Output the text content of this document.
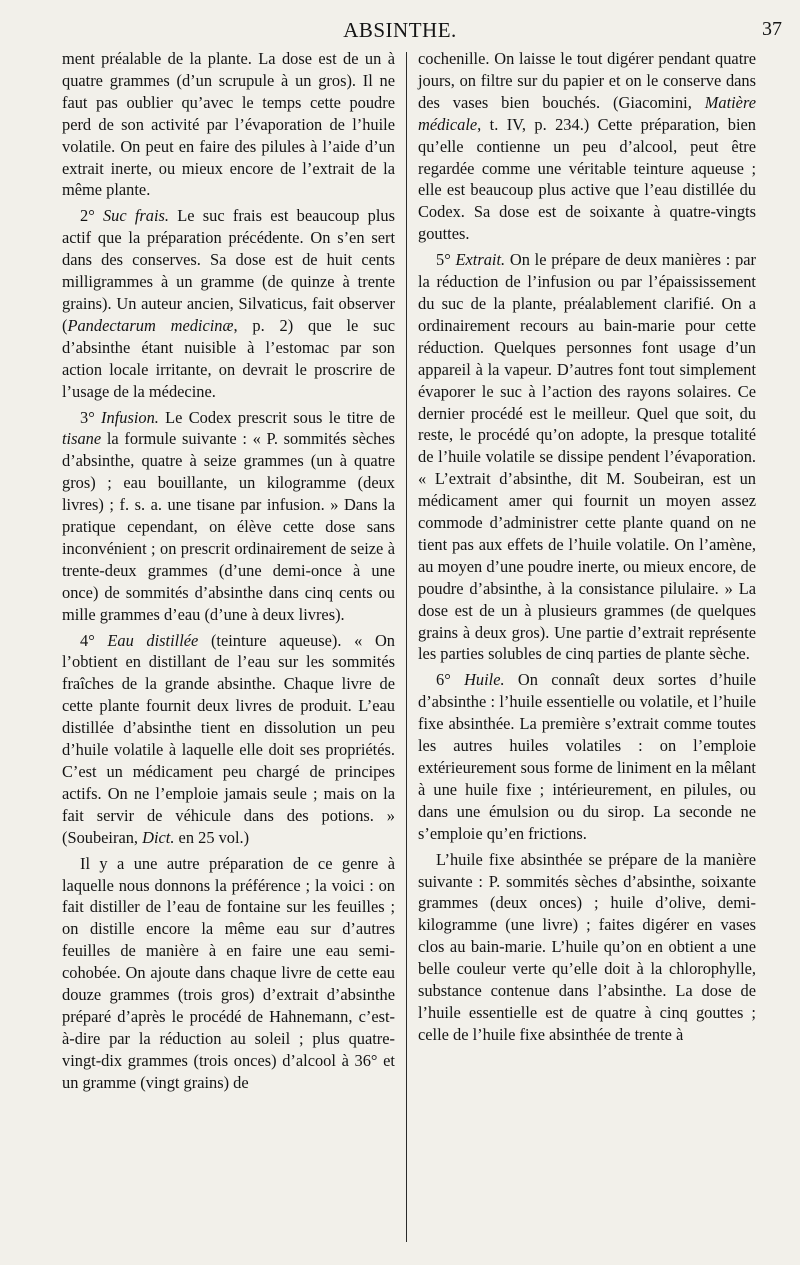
ABSINTHE.	37

ment préalable de la plante. La dose est de un à quatre grammes (d’un scrupule à un gros). Il ne faut pas oublier qu’avec le temps cette poudre perd de son activité par l’évaporation de l’huile volatile. On peut en faire des pilules à l’aide d’un extrait inerte, ou mieux encore de l’extrait de la même plante.

2° Suc frais. Le suc frais est beaucoup plus actif que la préparation précédente. On s’en sert dans des conserves. Sa dose est de huit cents milligrammes à un gramme (de quinze à trente grains). Un auteur ancien, Silvaticus, fait observer (Pandectarum medicinæ, p. 2) que le suc d’absinthe étant nuisible à l’estomac par son action locale irritante, on devrait le proscrire de l’usage de la médecine.

3° Infusion. Le Codex prescrit sous le titre de tisane la formule suivante : « P. sommités sèches d’absinthe, quatre à seize grammes (un à quatre gros) ; eau bouillante, un kilogramme (deux livres) ; f. s. a. une tisane par infusion. » Dans la pratique cependant, on élève cette dose sans inconvénient ; on prescrit ordinairement de seize à trente-deux grammes (d’une demi-once à une once) de sommités d’absinthe dans cinq cents ou mille grammes d’eau (d’une à deux livres).

4° Eau distillée (teinture aqueuse). « On l’obtient en distillant de l’eau sur les sommités fraîches de la grande absinthe. Chaque livre de cette plante fournit deux livres de produit. L’eau distillée d’absinthe tient en dissolution un peu d’huile volatile à laquelle elle doit ses propriétés. C’est un médicament peu chargé de principes actifs. On ne l’emploie jamais seule ; mais on la fait servir de véhicule dans des potions. » (Soubeiran, Dict. en 25 vol.)

Il y a une autre préparation de ce genre à laquelle nous donnons la préférence ; la voici : on fait distiller de l’eau de fontaine sur les feuilles ; on distille encore la même eau sur d’autres feuilles de manière à en faire une eau semi-cohobée. On ajoute dans chaque livre de cette eau douze grammes (trois gros) d’extrait d’absinthe préparé d’après le procédé de Hahnemann, c’est-à-dire par la réduction au soleil ; plus quatre-vingt-dix grammes (trois onces) d’alcool à 36° et un gramme (vingt grains) de

cochenille. On laisse le tout digérer pendant quatre jours, on filtre sur du papier et on le conserve dans des vases bien bouchés. (Giacomini, Matière médicale, t. IV, p. 234.) Cette préparation, bien qu’elle contienne un peu d’alcool, peut être regardée comme une véritable teinture aqueuse ; elle est beaucoup plus active que l’eau distillée du Codex. Sa dose est de soixante à quatre-vingts gouttes.

5° Extrait. On le prépare de deux manières : par la réduction de l’infusion ou par l’épaississement du suc de la plante, préalablement clarifié. On a ordinairement recours au bain-marie pour cette réduction. Quelques personnes font usage d’un appareil à la vapeur. D’autres font tout simplement évaporer le suc à l’action des rayons solaires. Ce dernier procédé est le meilleur. Quel que soit, du reste, le procédé qu’on adopte, la presque totalité de l’huile volatile se dissipe pendent l’évaporation. « L’extrait d’absinthe, dit M. Soubeiran, est un médicament amer qui fournit un moyen assez commode d’administrer cette plante quand on ne tient pas aux effets de l’huile volatile. On l’amène, au moyen d’une poudre inerte, ou mieux encore, de poudre d’absinthe, à la consistance pilulaire. » La dose est de un à plusieurs grammes (de quelques grains à deux gros). Une partie d’extrait représente les parties solubles de cinq parties de plante sèche.

6° Huile. On connaît deux sortes d’huile d’absinthe : l’huile essentielle ou volatile, et l’huile fixe absinthée. La première s’extrait comme toutes les autres huiles volatiles : on l’emploie extérieurement sous forme de liniment en la mêlant à une huile fixe ; intérieurement, en pilules, ou dans une émulsion ou du sirop. La seconde ne s’emploie qu’en frictions.

L’huile fixe absinthée se prépare de la manière suivante : P. sommités sèches d’absinthe, soixante grammes (deux onces) ; huile d’olive, demi-kilogramme (une livre) ; faites digérer en vases clos au bain-marie. L’huile qu’on en obtient a une belle couleur verte qu’elle doit à la chlorophylle, substance contenue dans l’absinthe. La dose de l’huile essentielle est de quatre à cinq gouttes ; celle de l’huile fixe absinthée de trente à
